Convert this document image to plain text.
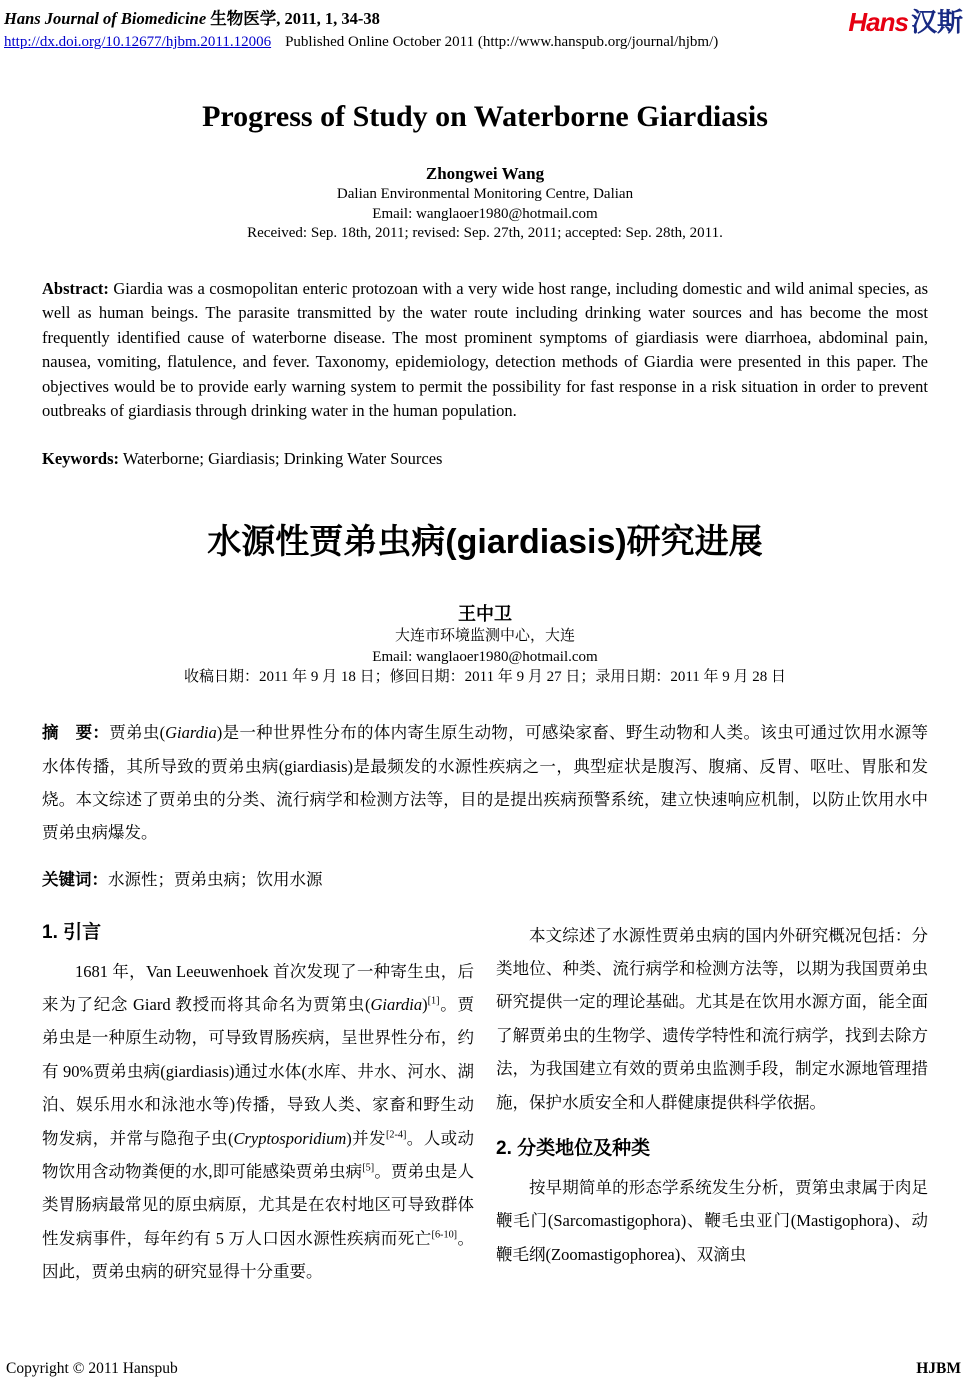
Hans Journal of Biomedicine 生物医学, 2011, 1, 34-38
http://dx.doi.org/10.12677/hjbm.2011.12006 Published Online October 2011 (http://www.hanspub.org/journal/hjbm/)
Hans 汉斯
Progress of Study on Waterborne Giardiasis
Zhongwei Wang
Dalian Environmental Monitoring Centre, Dalian
Email: wanglaoer1980@hotmail.com
Received: Sep. 18th, 2011; revised: Sep. 27th, 2011; accepted: Sep. 28th, 2011.

Abstract: Giardia was a cosmopolitan enteric protozoan with a very wide host range, including domestic and wild animal species, as well as human beings. The parasite transmitted by the water route including drinking water sources and has become the most frequently identified cause of waterborne disease. The most prominent symptoms of giardiasis were diarrhoea, abdominal pain, nausea, vomiting, flatulence, and fever. Taxonomy, epidemiology, detection methods of Giardia were presented in this paper. The objectives would be to provide early warning system to permit the possibility for fast response in a risk situation in order to prevent outbreaks of giardiasis through drinking water in the human population.

Keywords: Waterborne; Giardiasis; Drinking Water Sources

水源性贾弟虫病(giardiasis)研究进展
王中卫
大连市环境监测中心，大连
Email: wanglaoer1980@hotmail.com
收稿日期：2011 年 9 月 18 日；修回日期：2011 年 9 月 27 日；录用日期：2011 年 9 月 28 日

摘　要：贾弟虫(Giardia)是一种世界性分布的体内寄生原生动物，可感染家畜、野生动物和人类。该虫可通过饮用水源等水体传播，其所导致的贾弟虫病(giardiasis)是最频发的水源性疾病之一，典型症状是腹泻、腹痛、反胃、呕吐、胃胀和发烧。本文综述了贾弟虫的分类、流行病学和检测方法等，目的是提出疾病预警系统，建立快速响应机制，以防止饮用水中贾弟虫病爆发。

关键词：水源性；贾弟虫病；饮用水源

1. 引言

1681 年，Van Leeuwenhoek 首次发现了一种寄生虫，后来为了纪念 Giard 教授而将其命名为贾第虫(Giardia)[1]。贾弟虫是一种原生动物，可导致胃肠疾病，呈世界性分布，约有 90%贾弟虫病(giardiasis)通过水体(水库、井水、河水、湖泊、娱乐用水和泳池水等)传播，导致人类、家畜和野生动物发病，并常与隐孢子虫(Cryptosporidium)并发[2-4]。人或动物饮用含动物粪便的水,即可能感染贾弟虫病[5]。贾弟虫是人类胃肠病最常见的原虫病原，尤其是在农村地区可导致群体性发病事件，每年约有 5 万人口因水源性疾病而死亡[6-10]。因此，贾弟虫病的研究显得十分重要。

本文综述了水源性贾弟虫病的国内外研究概况包括：分类地位、种类、流行病学和检测方法等，以期为我国贾弟虫研究提供一定的理论基础。尤其是在饮用水源方面，能全面了解贾弟虫的生物学、遗传学特性和流行病学，找到去除方法，为我国建立有效的贾弟虫监测手段，制定水源地管理措施，保护水质安全和人群健康提供科学依据。

2. 分类地位及种类

按早期简单的形态学系统发生分析，贾第虫隶属于肉足鞭毛门(Sarcomastigophora)、鞭毛虫亚门(Mastigophora)、动鞭毛纲(Zoomastigophorea)、双滴虫

Copyright © 2011 Hanspub	HJBM
